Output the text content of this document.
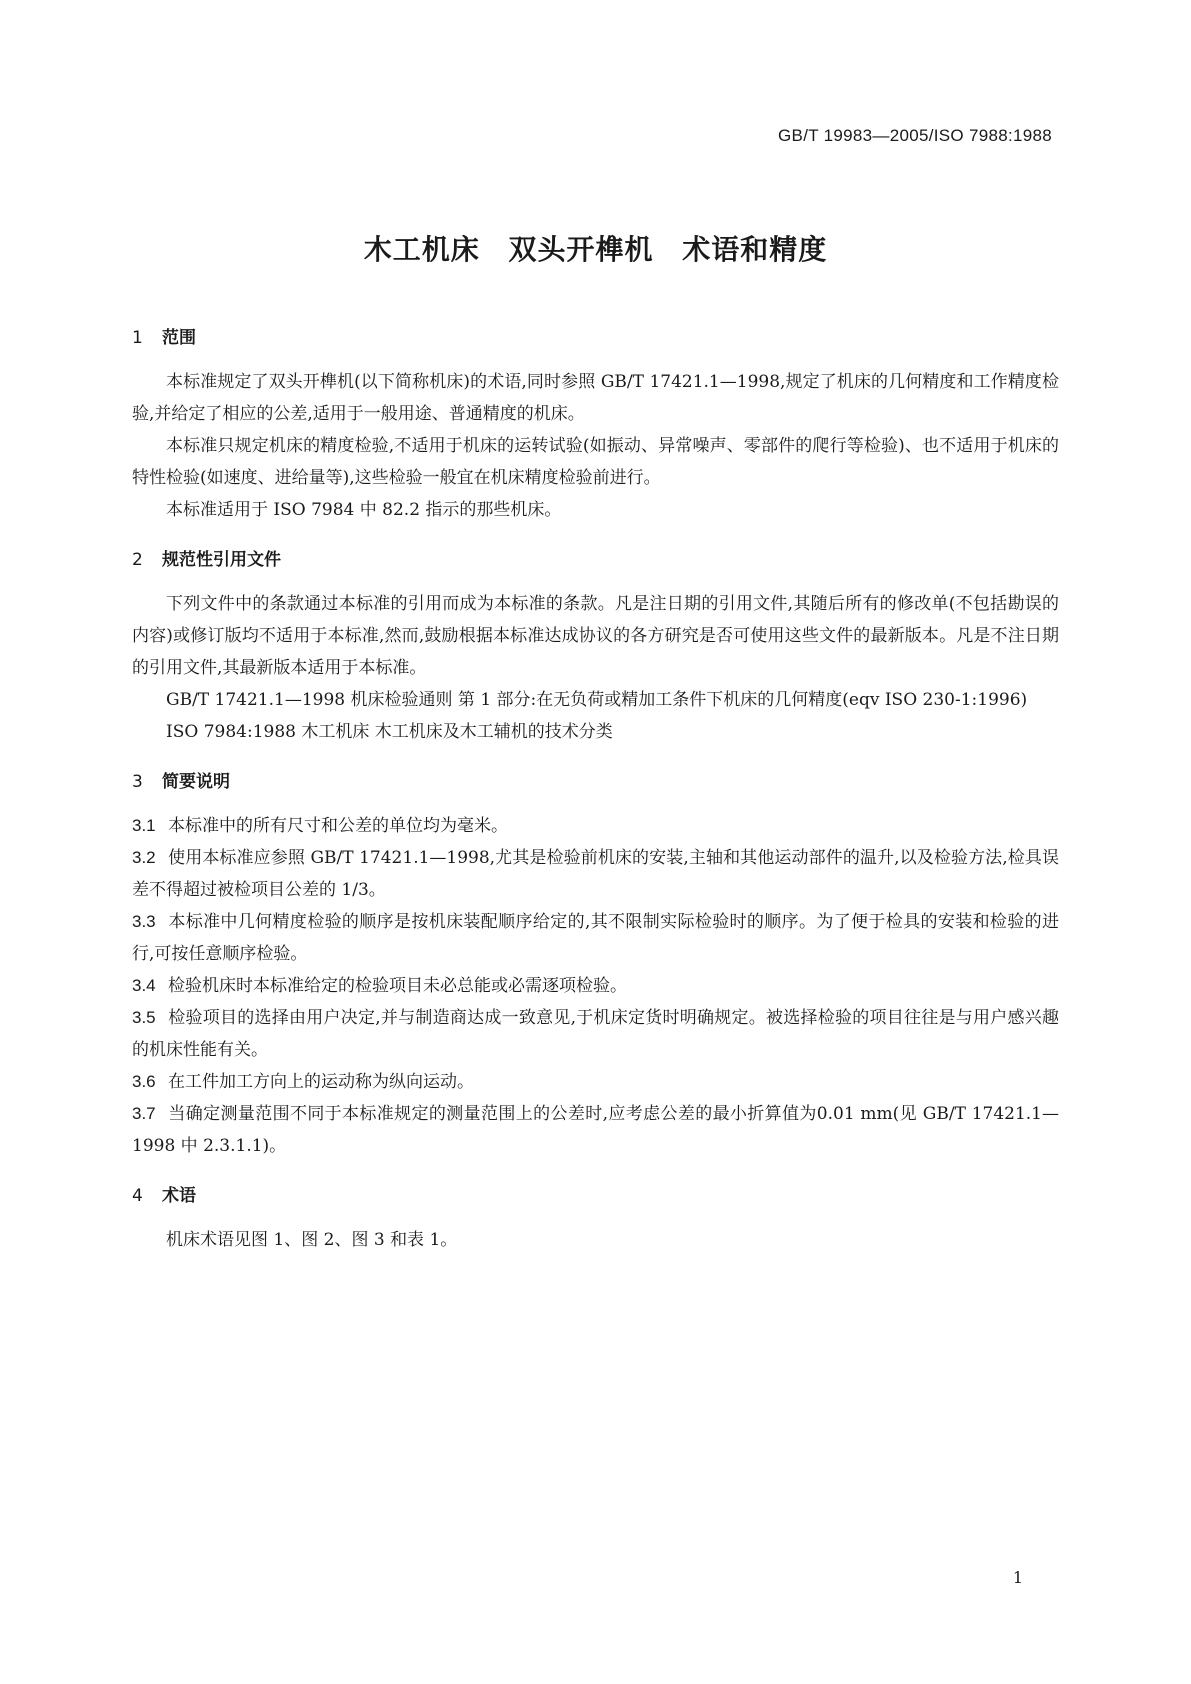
GB/T 19983—2005/ISO 7988:1988
木工机床 双头开榫机 术语和精度
1 范围

本标准规定了双头开榫机(以下简称机床)的术语,同时参照 GB/T 17421.1—1998,规定了机床的几何精度和工作精度检验,并给定了相应的公差,适用于一般用途、普通精度的机床。

本标准只规定机床的精度检验,不适用于机床的运转试验(如振动、异常噪声、零部件的爬行等检验)、也不适用于机床的特性检验(如速度、进给量等),这些检验一般宜在机床精度检验前进行。

本标准适用于 ISO 7984 中 82.2 指示的那些机床。

2 规范性引用文件

下列文件中的条款通过本标准的引用而成为本标准的条款。凡是注日期的引用文件,其随后所有的修改单(不包括勘误的内容)或修订版均不适用于本标准,然而,鼓励根据本标准达成协议的各方研究是否可使用这些文件的最新版本。凡是不注日期的引用文件,其最新版本适用于本标准。

GB/T 17421.1—1998 机床检验通则 第 1 部分:在无负荷或精加工条件下机床的几何精度(eqv ISO 230-1:1996)

ISO 7984:1988 木工机床 木工机床及木工辅机的技术分类

3 简要说明

3.1 本标准中的所有尺寸和公差的单位均为毫米。

3.2 使用本标准应参照 GB/T 17421.1—1998,尤其是检验前机床的安装,主轴和其他运动部件的温升,以及检验方法,检具误差不得超过被检项目公差的 1/3。

3.3 本标准中几何精度检验的顺序是按机床装配顺序给定的,其不限制实际检验时的顺序。为了便于检具的安装和检验的进行,可按任意顺序检验。

3.4 检验机床时本标准给定的检验项目未必总能或必需逐项检验。

3.5 检验项目的选择由用户决定,并与制造商达成一致意见,于机床定货时明确规定。被选择检验的项目往往是与用户感兴趣的机床性能有关。

3.6 在工件加工方向上的运动称为纵向运动。

3.7 当确定测量范围不同于本标准规定的测量范围上的公差时,应考虑公差的最小折算值为0.01 mm(见 GB/T 17421.1—1998 中 2.3.1.1)。

4 术语

机床术语见图 1、图 2、图 3 和表 1。

1
